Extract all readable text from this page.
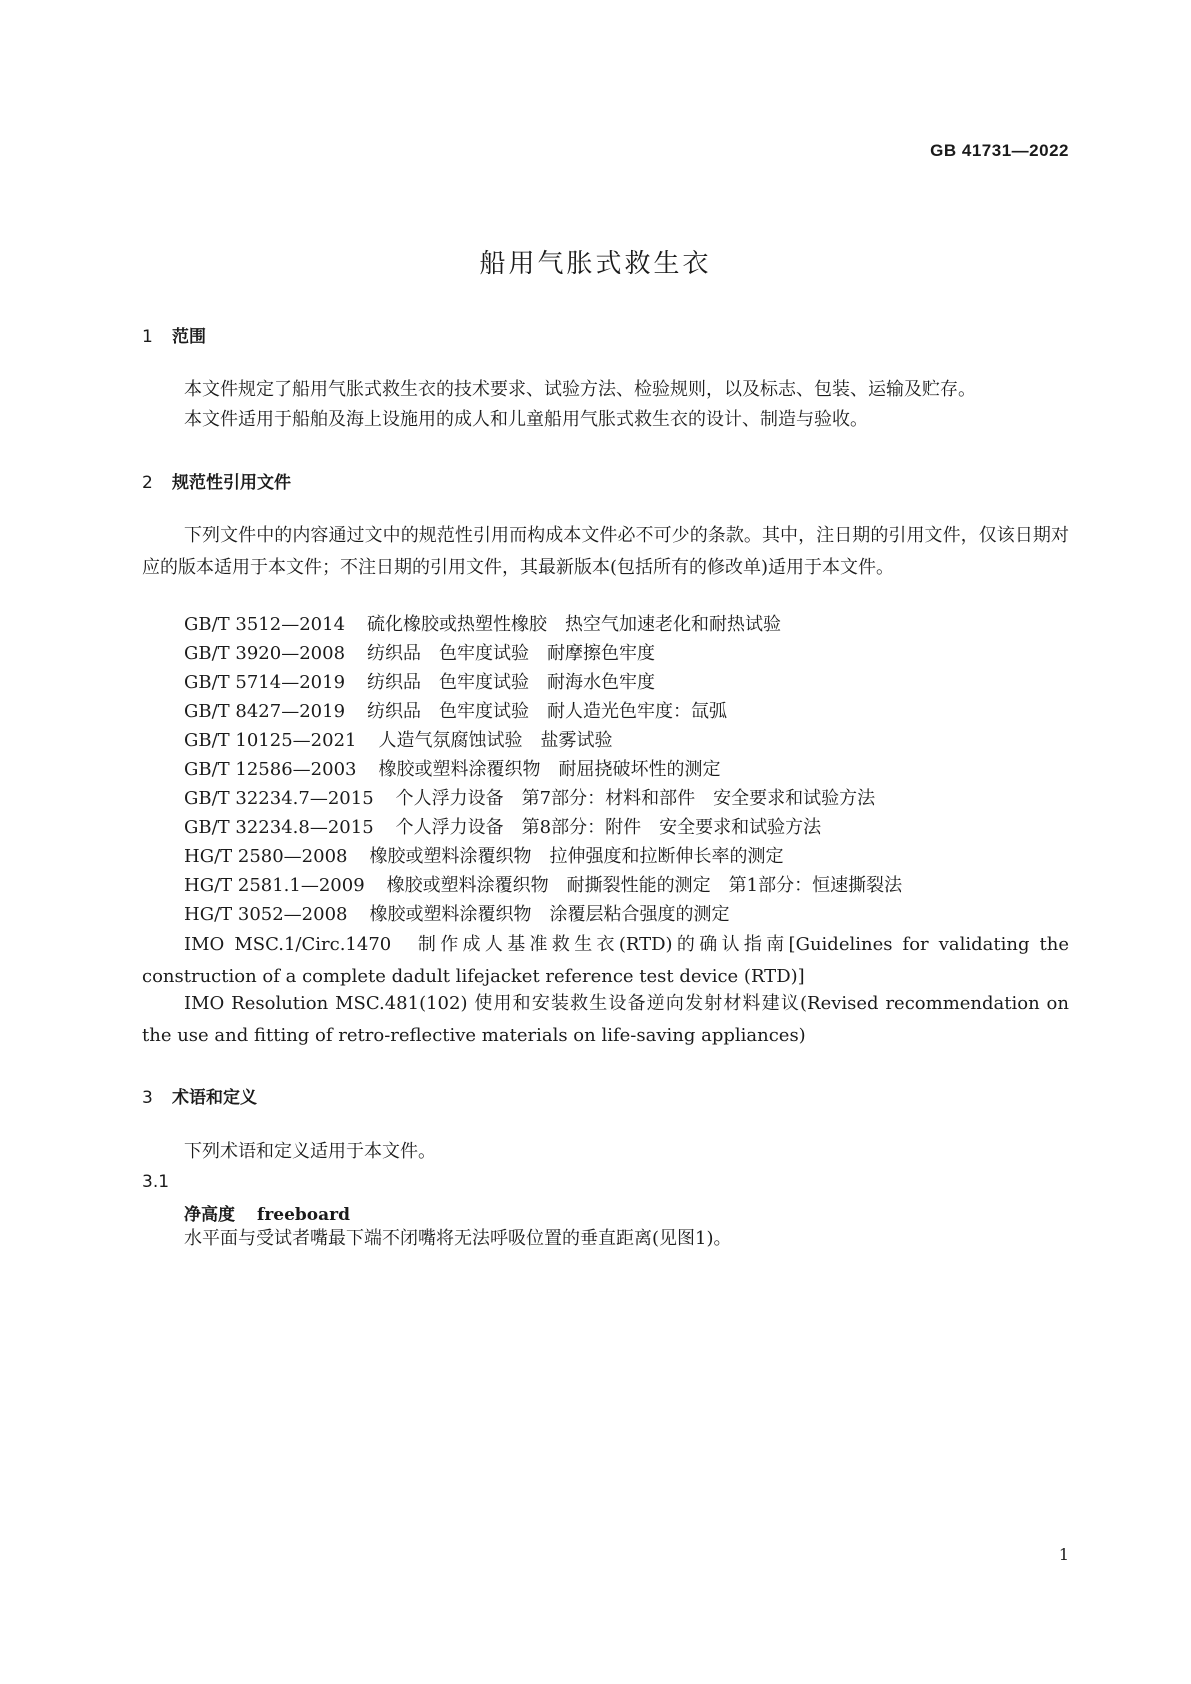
GB 41731—2022
船用气胀式救生衣
1 范围
本文件规定了船用气胀式救生衣的技术要求、试验方法、检验规则，以及标志、包装、运输及贮存。
本文件适用于船舶及海上设施用的成人和儿童船用气胀式救生衣的设计、制造与验收。
2 规范性引用文件
下列文件中的内容通过文中的规范性引用而构成本文件必不可少的条款。其中，注日期的引用文件，仅该日期对应的版本适用于本文件；不注日期的引用文件，其最新版本(包括所有的修改单)适用于本文件。
GB/T 3512—2014 硫化橡胶或热塑性橡胶　热空气加速老化和耐热试验
GB/T 3920—2008 纺织品　色牢度试验　耐摩擦色牢度
GB/T 5714—2019 纺织品　色牢度试验　耐海水色牢度
GB/T 8427—2019 纺织品　色牢度试验　耐人造光色牢度：氙弧
GB/T 10125—2021 人造气氛腐蚀试验　盐雾试验
GB/T 12586—2003 橡胶或塑料涂覆织物　耐屈挠破坏性的测定
GB/T 32234.7—2015 个人浮力设备　第7部分：材料和部件　安全要求和试验方法
GB/T 32234.8—2015 个人浮力设备　第8部分：附件　安全要求和试验方法
HG/T 2580—2008 橡胶或塑料涂覆织物　拉伸强度和拉断伸长率的测定
HG/T 2581.1—2009 橡胶或塑料涂覆织物　耐撕裂性能的测定　第1部分：恒速撕裂法
HG/T 3052—2008 橡胶或塑料涂覆织物　涂覆层粘合强度的测定
IMO MSC.1/Circ.1470　制作成人基准救生衣(RTD)的确认指南[Guidelines for validating the construction of a complete dadult lifejacket reference test device (RTD)]
IMO Resolution MSC.481(102) 使用和安装救生设备逆向发射材料建议(Revised recommendation on the use and fitting of retro-reflective materials on life-saving appliances)
3 术语和定义
下列术语和定义适用于本文件。
3.1
净高度 freeboard
水平面与受试者嘴最下端不闭嘴将无法呼吸位置的垂直距离(见图1)。
1
